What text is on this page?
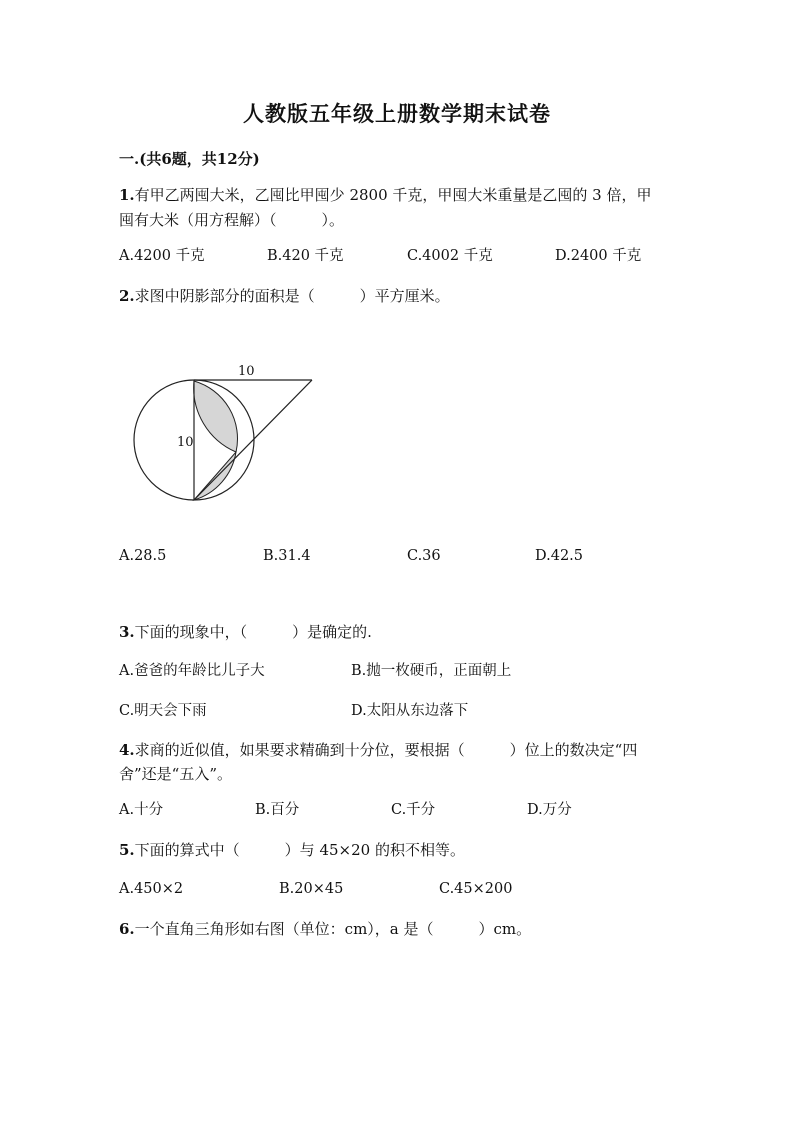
人教版五年级上册数学期末试卷
一.(共6题，共12分)
1.有甲乙两囤大米，乙囤比甲囤少 2800 千克，甲囤大米重量是乙囤的 3 倍，甲
囤有大米（用方程解）（　　　）。
A.4200 千克	B.420 千克	C.4002 千克	D.2400 千克
2.求图中阴影部分的面积是（　　　）平方厘米。
10
10
A.28.5	B.31.4	C.36	D.42.5
3.下面的现象中，（　　　）是确定的.
A.爸爸的年龄比儿子大	B.抛一枚硬币，正面朝上
C.明天会下雨	D.太阳从东边落下
4.求商的近似值，如果要求精确到十分位，要根据（　　　）位上的数决定“四
舍”还是“五入”。
A.十分	B.百分	C.千分	D.万分
5.下面的算式中（　　　）与 45×20 的积不相等。
A.450×2	B.20×45	C.45×200
6.一个直角三角形如右图（单位：cm），a 是（　　　）cm。
